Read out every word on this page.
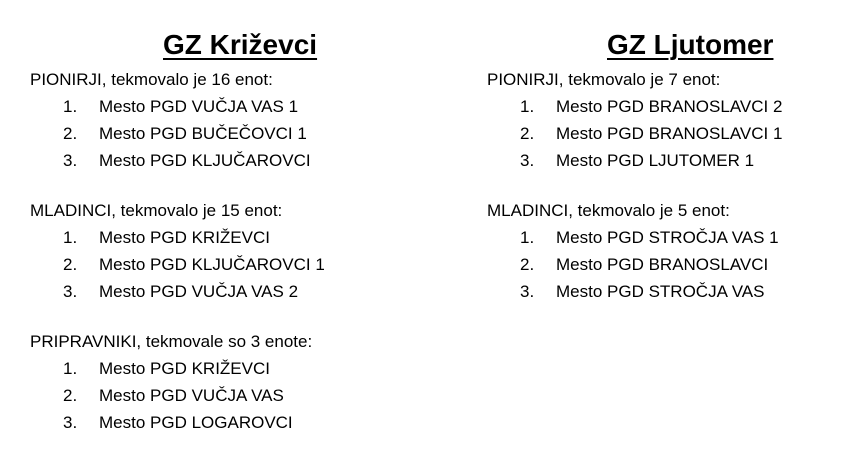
GZ Križevci
PIONIRJI, tekmovalo je 16 enot:
1.	Mesto PGD VUČJA VAS 1
2.	Mesto PGD BUČEČOVCI 1
3.	Mesto PGD KLJUČAROVCI
MLADINCI, tekmovalo je 15 enot:
1.	Mesto PGD KRIŽEVCI
2.	Mesto PGD KLJUČAROVCI 1
3.	Mesto PGD VUČJA VAS 2
PRIPRAVNIKI, tekmovale so 3 enote:
1.	Mesto PGD KRIŽEVCI
2.	Mesto PGD VUČJA VAS
3.	Mesto PGD LOGAROVCI
GZ Ljutomer
PIONIRJI, tekmovalo je 7 enot:
1.	Mesto PGD BRANOSLAVCI 2
2.	Mesto PGD BRANOSLAVCI 1
3.	Mesto PGD LJUTOMER 1
MLADINCI, tekmovalo je 5 enot:
1.	Mesto PGD STROČJA VAS 1
2.	Mesto PGD BRANOSLAVCI
3.	Mesto PGD STROČJA VAS
